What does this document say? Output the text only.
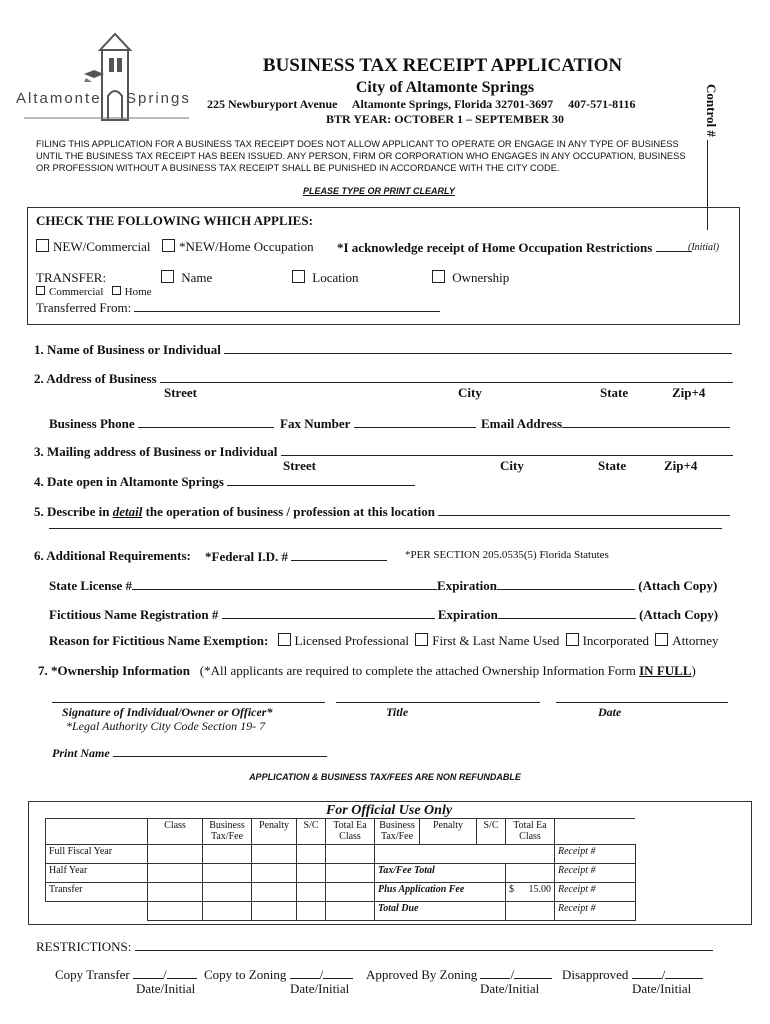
Control #
Altamonte Springs
BUSINESS TAX RECEIPT APPLICATION
City of Altamonte Springs
225 Newburyport Avenue     Altamonte Springs, Florida 32701-3697     407-571-8116
BTR YEAR: OCTOBER 1 – SEPTEMBER 30
FILING THIS APPLICATION FOR A BUSINESS TAX RECEIPT DOES NOT ALLOW APPLICANT TO OPERATE OR ENGAGE IN ANY TYPE OF BUSINESS
UNTIL THE BUSINESS TAX RECEIPT HAS BEEN ISSUED. ANY PERSON, FIRM OR CORPORATION WHO ENGAGES IN ANY OCCUPATION, BUSINESS
OR PROFESSION WITHOUT A BUSINESS TAX RECEIPT SHALL BE PUNISHED IN ACCORDANCE WITH THE CITY CODE.
PLEASE TYPE OR PRINT CLEARLY
CHECK THE FOLLOWING WHICH APPLIES:
NEW/Commercial	*NEW/Home Occupation *I acknowledge receipt of Home Occupation Restrictions	(Initial)
TRANSFER:	Name	Location	Ownership
Commercial Home
Transferred From:
1. Name of Business or Individual
2. Address of Business
Street	City	State	Zip+4
Business Phone	Fax Number	Email Address
3. Mailing address of Business or Individual
Street	City	State	Zip+4
4. Date open in Altamonte Springs
5. Describe in detail the operation of business / profession at this location
6. Additional Requirements: *Federal I.D. #	*PER SECTION 205.0535(5) Florida Statutes
State License #	Expiration	(Attach Copy)
Fictitious Name Registration #	Expiration	(Attach Copy)
Reason for Fictitious Name Exemption: Licensed Professional First & Last Name Used Incorporated Attorney
7. *Ownership Information (*All applicants are required to complete the attached Ownership Information Form IN FULL)
Signature of Individual/Owner or Officer*	Title	Date
*Legal Authority City Code Section 19- 7
Print Name
APPLICATION & BUSINESS TAX/FEES ARE NON REFUNDABLE
For Official Use Only
	Class	Business Tax/Fee	Penalty	S/C	Total Ea Class	Business Tax/Fee	Penalty	S/C	Total Ea Class	
Full Fiscal Year										Receipt #
Half Year						Tax/Fee Total				Receipt #
Transfer						Plus Application Fee			$ 15.00	Receipt #
						Total Due				Receipt #
RESTRICTIONS:
Copy Transfer	/	Copy to Zoning	/	Approved By Zoning	/	Disapproved	/
Date/Initial	Date/Initial	Date/Initial	Date/Initial
